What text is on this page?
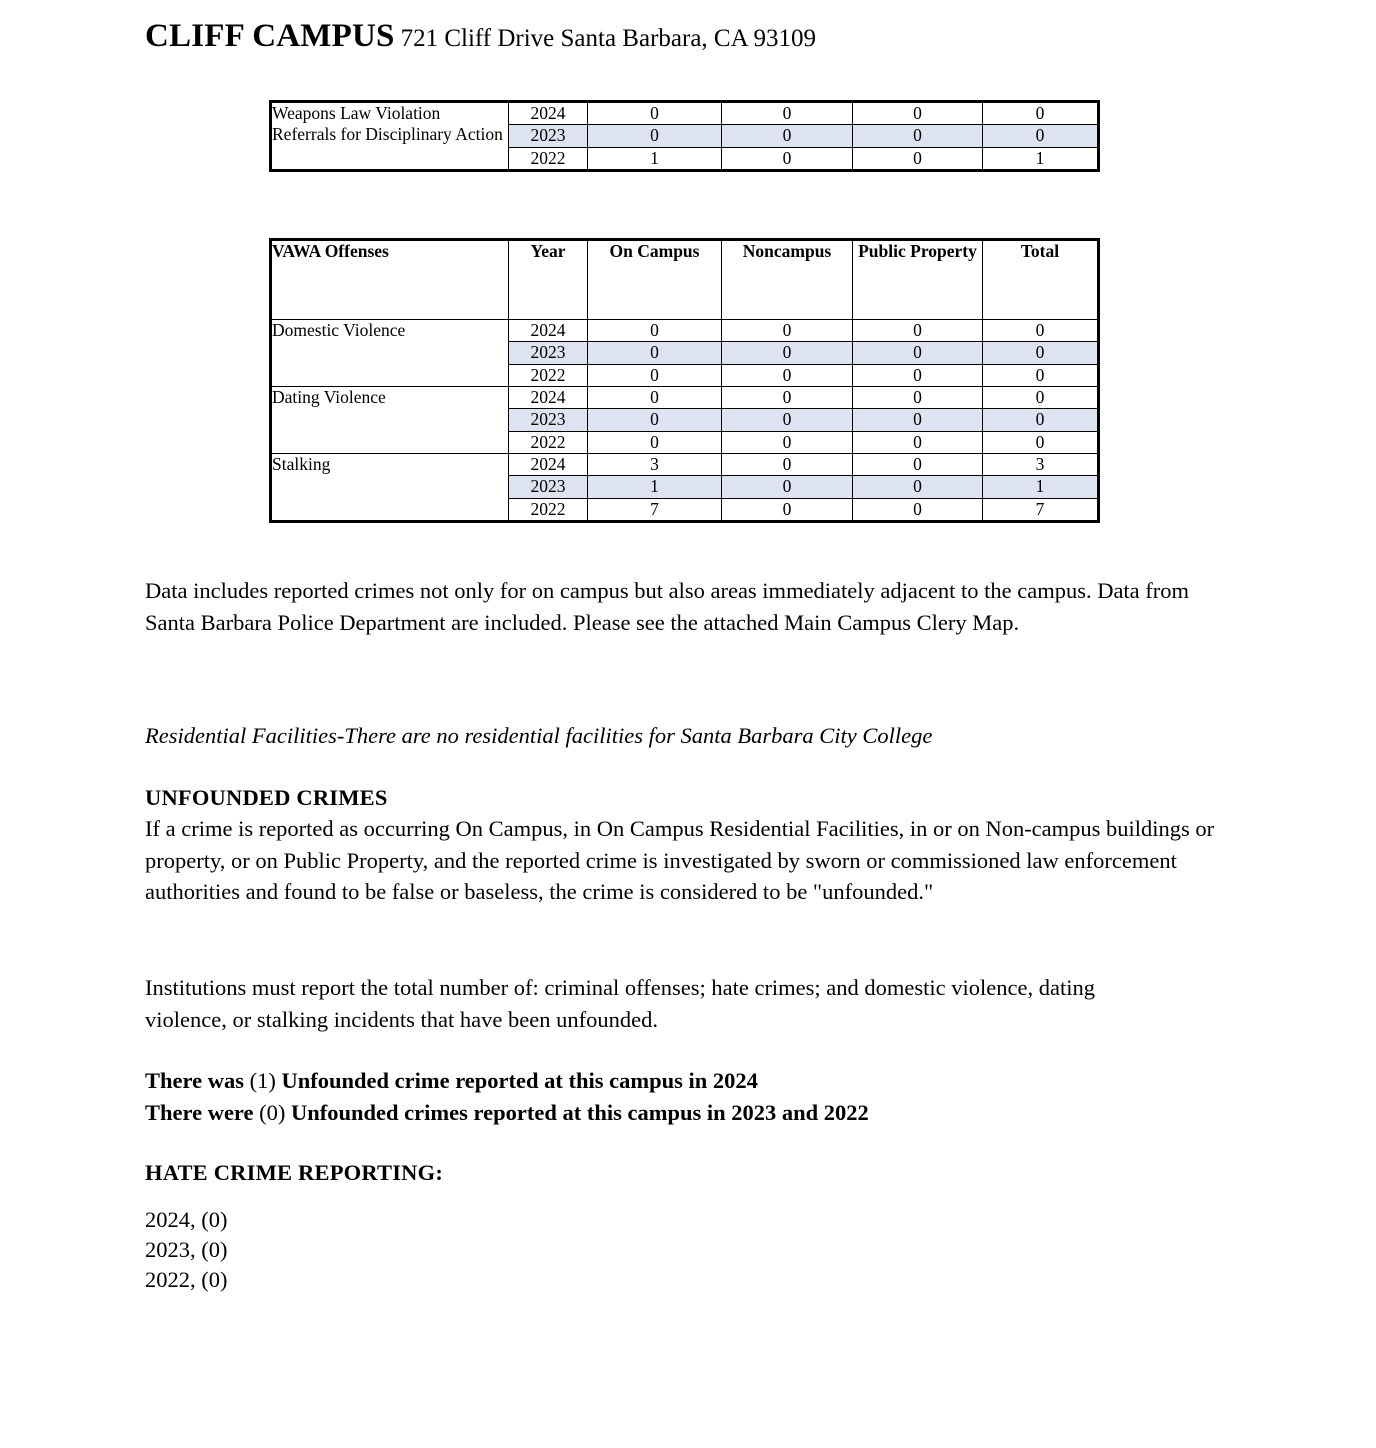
CLIFF CAMPUS 721 Cliff Drive Santa Barbara, CA 93109
Weapons Law Violation Referrals for Disciplinary Action	2024	0	0	0	0
	2023	0	0	0	0
	2022	1	0	0	1
VAWA Offenses	Year	On Campus	Noncampus	Public Property	Total
Domestic Violence	2024	0	0	0	0
	2023	0	0	0	0
	2022	0	0	0	0
Dating Violence	2024	0	0	0	0
	2023	0	0	0	0
	2022	0	0	0	0
Stalking	2024	3	0	0	3
	2023	1	0	0	1
	2022	7	0	0	7
Data includes reported crimes not only for on campus but also areas immediately adjacent to the campus. Data from Santa Barbara Police Department are included. Please see the attached Main Campus Clery Map.
Residential Facilities-There are no residential facilities for Santa Barbara City College
UNFOUNDED CRIMES
If a crime is reported as occurring On Campus, in On Campus Residential Facilities, in or on Non-campus buildings or property, or on Public Property, and the reported crime is investigated by sworn or commissioned law enforcement authorities and found to be false or baseless, the crime is considered to be "unfounded."
Institutions must report the total number of: criminal offenses; hate crimes; and domestic violence, dating violence, or stalking incidents that have been unfounded.
There was (1) Unfounded crime reported at this campus in 2024
There were (0) Unfounded crimes reported at this campus in 2023 and 2022
HATE CRIME REPORTING:
2024, (0)
2023, (0)
2022, (0)
